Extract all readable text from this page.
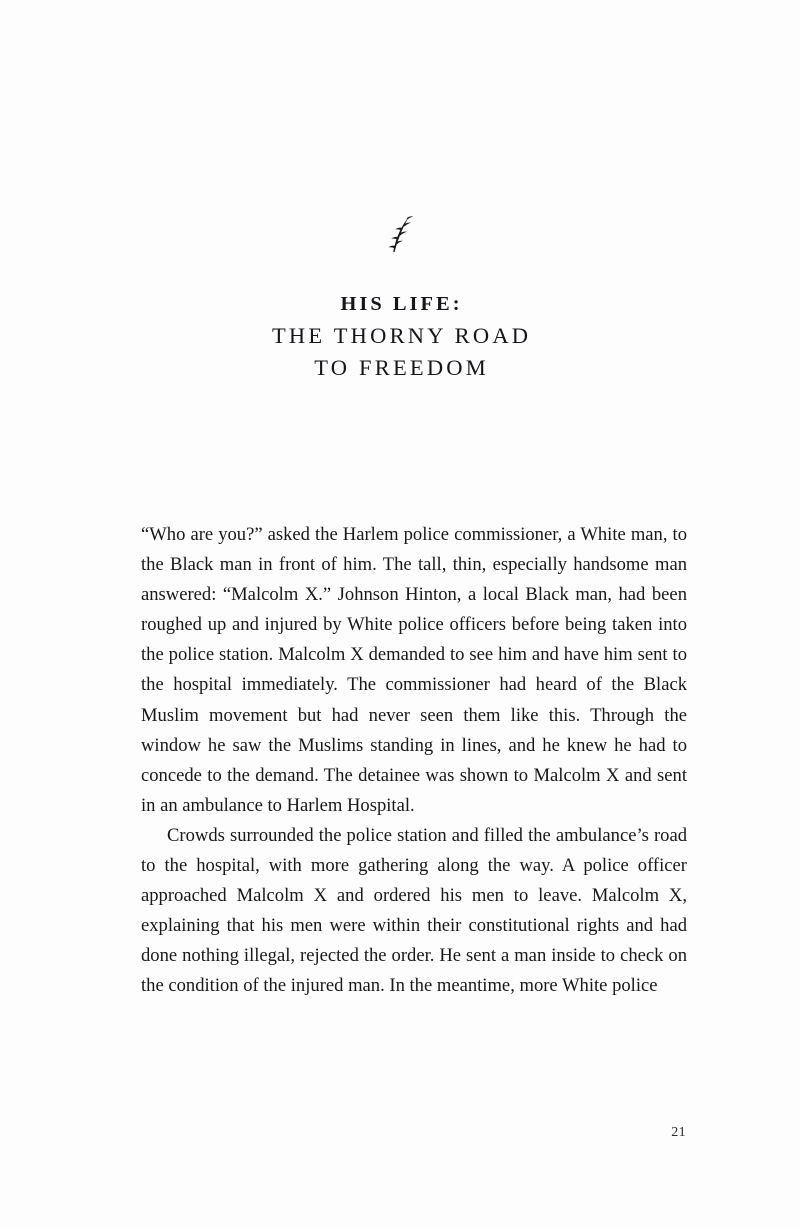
HIS LIFE:
THE THORNY ROAD
TO FREEDOM

“Who are you?” asked the Harlem police commissioner, a White man, to the Black man in front of him. The tall, thin, especially handsome man answered: “Malcolm X.” Johnson Hinton, a local Black man, had been roughed up and injured by White police officers before being taken into the police station. Malcolm X demanded to see him and have him sent to the hospital immediately. The commissioner had heard of the Black Muslim movement but had never seen them like this. Through the window he saw the Muslims standing in lines, and he knew he had to concede to the demand. The detainee was shown to Malcolm X and sent in an ambulance to Harlem Hospital.

Crowds surrounded the police station and filled the ambulance’s road to the hospital, with more gathering along the way. A police officer approached Malcolm X and ordered his men to leave. Malcolm X, explaining that his men were within their constitutional rights and had done nothing illegal, rejected the order. He sent a man inside to check on the condition of the injured man. In the meantime, more White police

21
